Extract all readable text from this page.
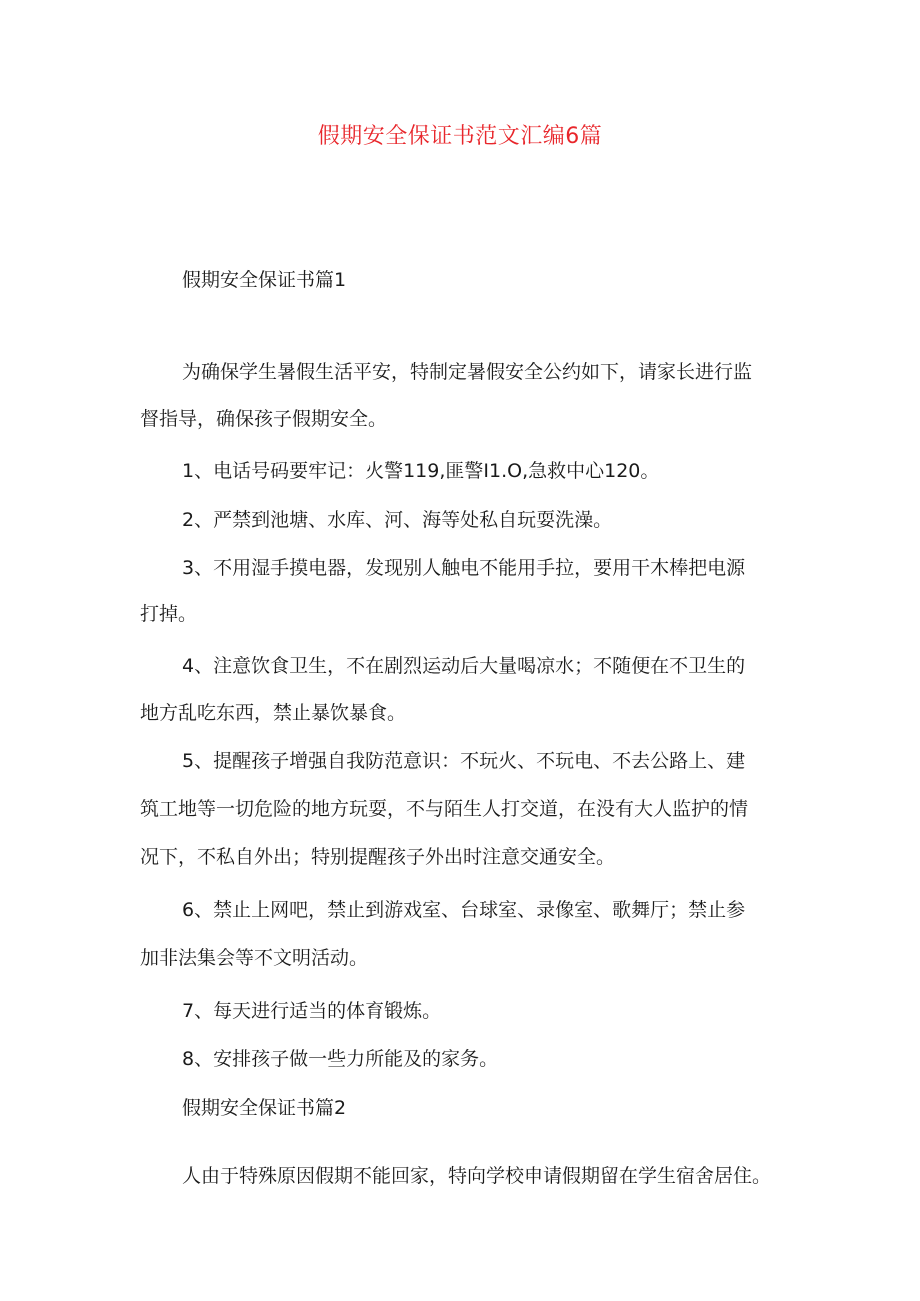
假期安全保证书范文汇编6篇

假期安全保证书篇1

为确保学生暑假生活平安，特制定暑假安全公约如下，请家长进行监

督指导，确保孩子假期安全。

1、电话号码要牢记：火警119,匪警I1.O,急救中心120。

2、严禁到池塘、水库、河、海等处私自玩耍洗澡。

3、不用湿手摸电器，发现别人触电不能用手拉，要用干木棒把电源

打掉。

4、注意饮食卫生，不在剧烈运动后大量喝凉水；不随便在不卫生的

地方乱吃东西，禁止暴饮暴食。

5、提醒孩子增强自我防范意识：不玩火、不玩电、不去公路上、建

筑工地等一切危险的地方玩耍，不与陌生人打交道，在没有大人监护的情

况下，不私自外出；特别提醒孩子外出时注意交通安全。

6、禁止上网吧，禁止到游戏室、台球室、录像室、歌舞厅；禁止参

加非法集会等不文明活动。

7、每天进行适当的体育锻炼。

8、安排孩子做一些力所能及的家务。

假期安全保证书篇2

人由于特殊原因假期不能回家，特向学校申请假期留在学生宿舍居住。
